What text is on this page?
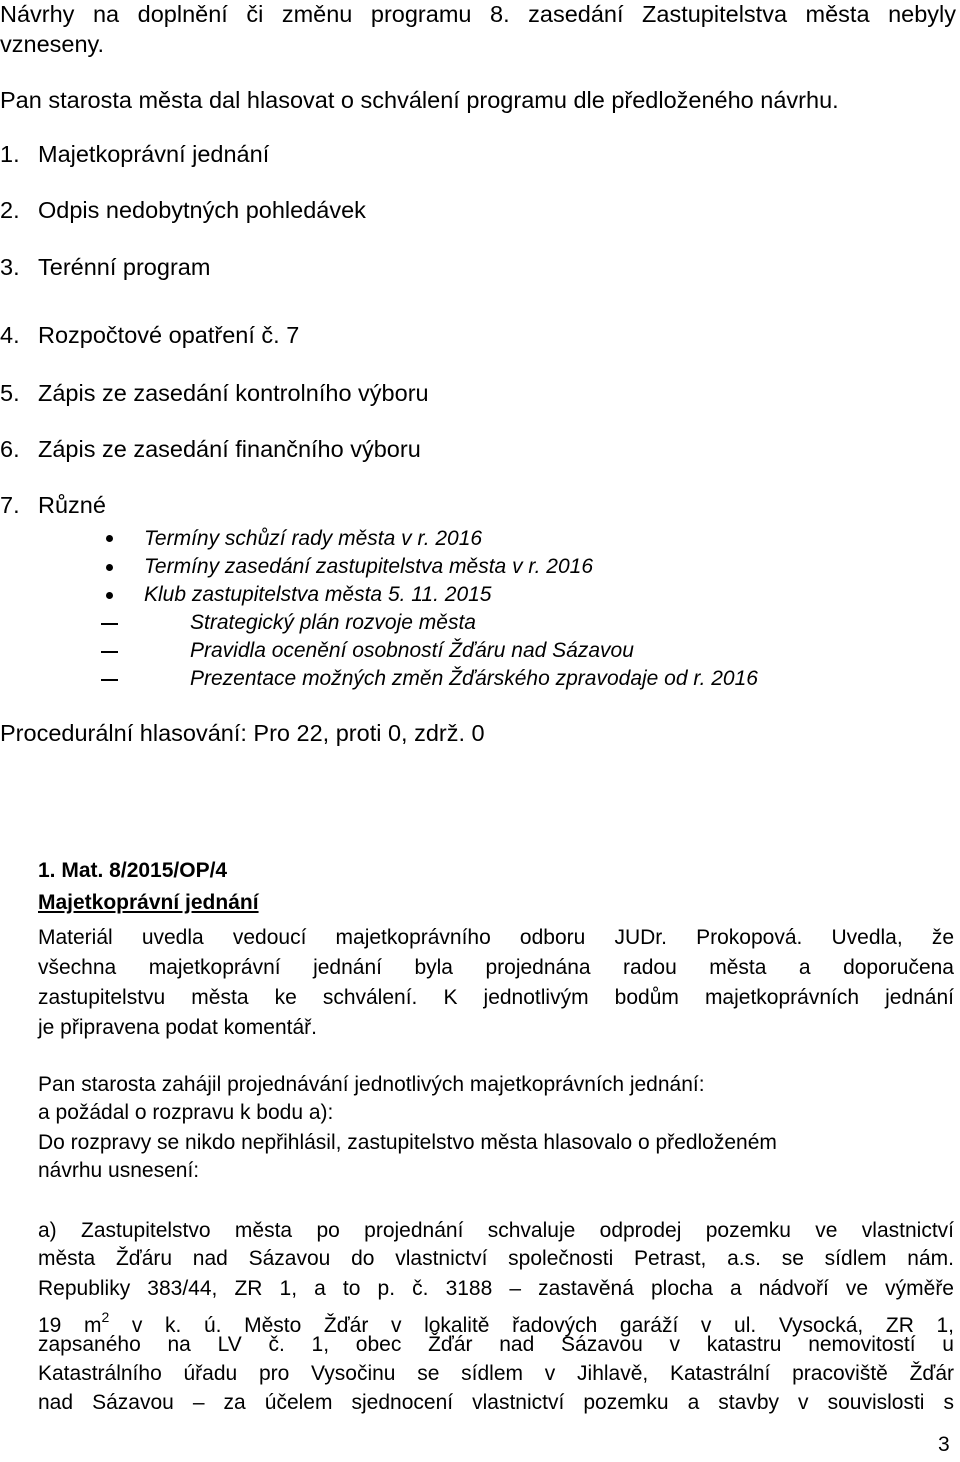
Návrhy na doplnění či změnu programu 8. zasedání Zastupitelstva města nebyly
vzneseny.
Pan starosta města dal hlasovat o schválení programu dle předloženého návrhu.
1. Majetkoprávní jednání
2. Odpis nedobytných pohledávek
3. Terénní program
4. Rozpočtové opatření č. 7
5. Zápis ze zasedání kontrolního výboru
6. Zápis ze zasedání finančního výboru
7. Různé
Termíny schůzí rady města v r. 2016
Termíny zasedání zastupitelstva města v r. 2016
Klub zastupitelstva města 5. 11. 2015
Strategický plán rozvoje města
Pravidla ocenění osobností Žďáru nad Sázavou
Prezentace možných změn Žďárského zpravodaje od r. 2016
Procedurální hlasování: Pro 22, proti 0, zdrž. 0
1. Mat. 8/2015/OP/4
Majetkoprávní jednání
Materiál uvedla vedoucí majetkoprávního odboru JUDr. Prokopová. Uvedla, že
všechna majetkoprávní jednání byla projednána radou města a doporučena
zastupitelstvu města ke schválení. K jednotlivým bodům majetkoprávních jednání
je připravena podat komentář.
Pan starosta zahájil projednávání jednotlivých majetkoprávních jednání:
a požádal o rozpravu k bodu a):
Do rozpravy se nikdo nepřihlásil, zastupitelstvo města hlasovalo o předloženém
návrhu usnesení:
a) Zastupitelstvo města po projednání schvaluje odprodej pozemku ve vlastnictví
města Žďáru nad Sázavou do vlastnictví společnosti Petrast, a.s. se sídlem nám.
Republiky 383/44, ZR 1, a to p. č. 3188 – zastavěná plocha a nádvoří ve výměře
19 $m^2$ v k. ú. Město Žďár v lokalitě řadových garáží v ul. Vysocká, ZR 1,
zapsaného na LV č. 1, obec Žďár nad Sázavou v katastru nemovitostí u
Katastrálního úřadu pro Vysočinu se sídlem v Jihlavě, Katastrální pracoviště Žďár
nad Sázavou – za účelem sjednocení vlastnictví pozemku a stavby v souvislosti s
3
